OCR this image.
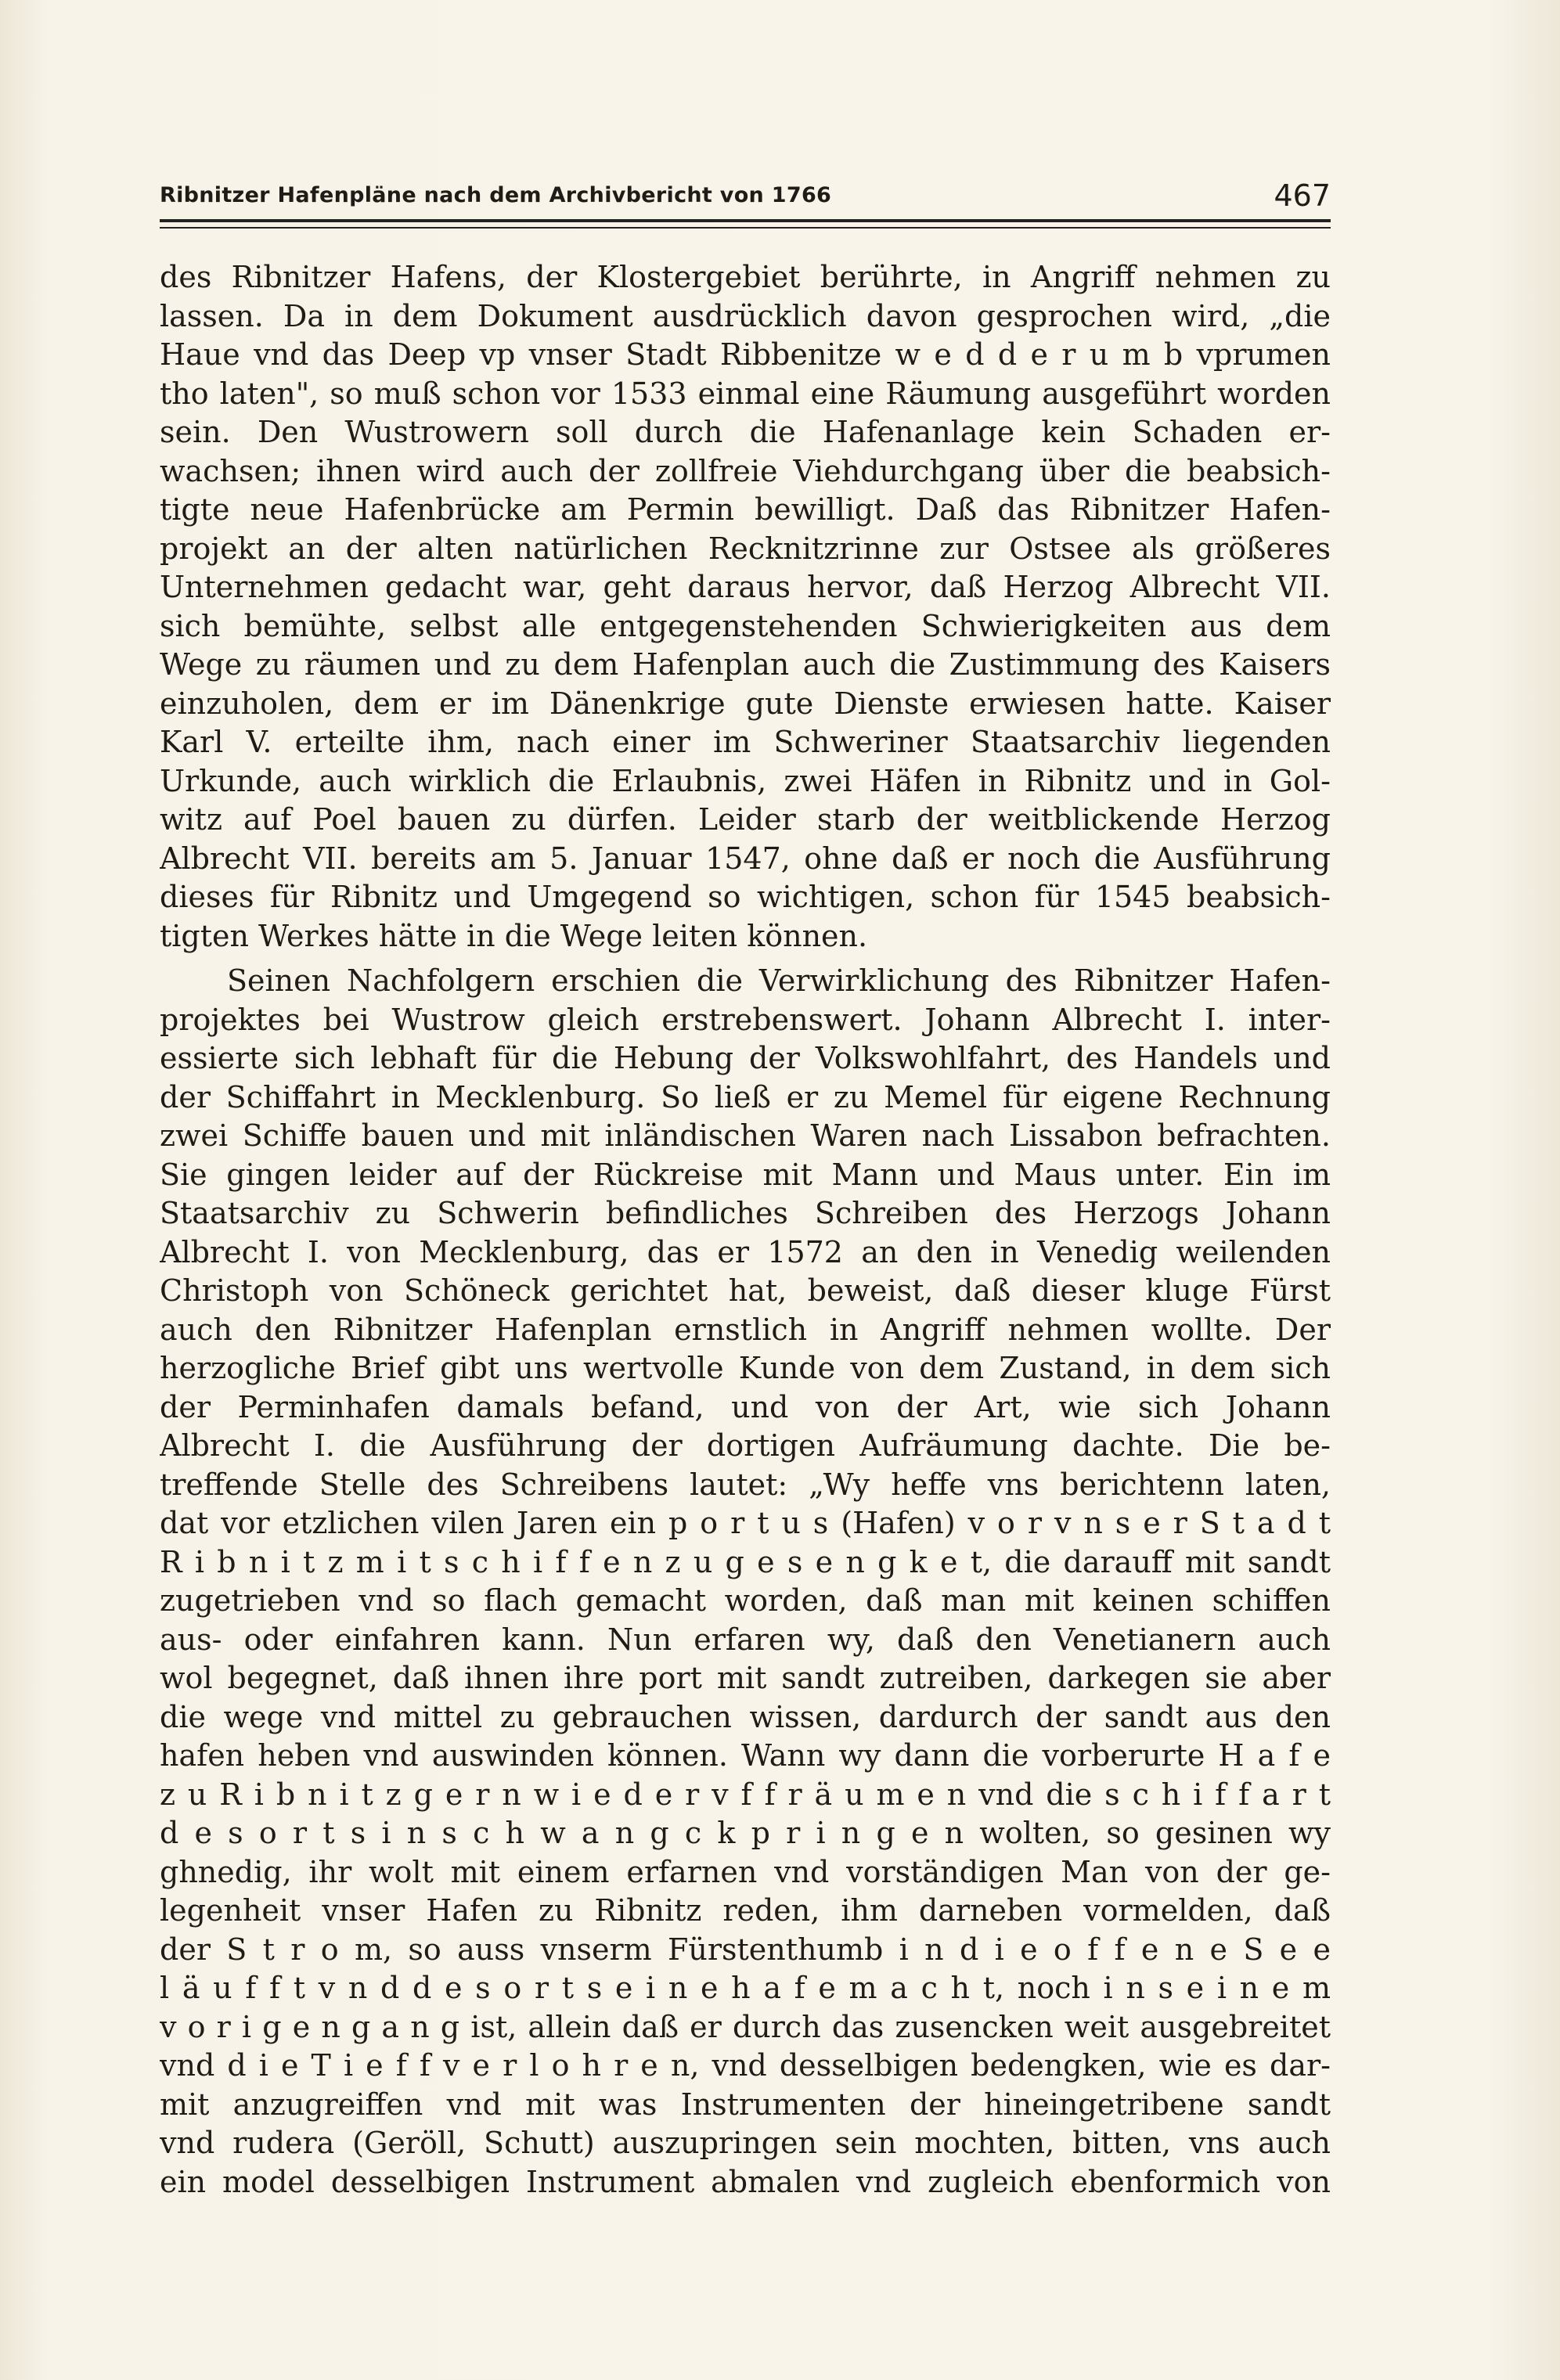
Ribnitzer Hafenpläne nach dem Archivbericht von 1766	467
des Ribnitzer Hafens, der Klostergebiet berührte, in Angriff nehmen zu
lassen. Da in dem Dokument ausdrücklich davon gesprochen wird, „die
Haue vnd das Deep vp vnser Stadt Ribbenitze w e d d e r u m b vprumen
tho laten", so muß schon vor 1533 einmal eine Räumung ausgeführt worden
sein. Den Wustrowern soll durch die Hafenanlage kein Schaden er-
wachsen; ihnen wird auch der zollfreie Viehdurchgang über die beabsich-
tigte neue Hafenbrücke am Permin bewilligt. Daß das Ribnitzer Hafen-
projekt an der alten natürlichen Recknitzrinne zur Ostsee als größeres
Unternehmen gedacht war, geht daraus hervor, daß Herzog Albrecht VII.
sich bemühte, selbst alle entgegenstehenden Schwierigkeiten aus dem
Wege zu räumen und zu dem Hafenplan auch die Zustimmung des Kaisers
einzuholen, dem er im Dänenkrige gute Dienste erwiesen hatte. Kaiser
Karl V. erteilte ihm, nach einer im Schweriner Staatsarchiv liegenden
Urkunde, auch wirklich die Erlaubnis, zwei Häfen in Ribnitz und in Gol-
witz auf Poel bauen zu dürfen. Leider starb der weitblickende Herzog
Albrecht VII. bereits am 5. Januar 1547, ohne daß er noch die Ausführung
dieses für Ribnitz und Umgegend so wichtigen, schon für 1545 beabsich-
tigten Werkes hätte in die Wege leiten können.
Seinen Nachfolgern erschien die Verwirklichung des Ribnitzer Hafen-
projektes bei Wustrow gleich erstrebenswert. Johann Albrecht I. inter-
essierte sich lebhaft für die Hebung der Volkswohlfahrt, des Handels und
der Schiffahrt in Mecklenburg. So ließ er zu Memel für eigene Rechnung
zwei Schiffe bauen und mit inländischen Waren nach Lissabon befrachten.
Sie gingen leider auf der Rückreise mit Mann und Maus unter. Ein im
Staatsarchiv zu Schwerin befindliches Schreiben des Herzogs Johann
Albrecht I. von Mecklenburg, das er 1572 an den in Venedig weilenden
Christoph von Schöneck gerichtet hat, beweist, daß dieser kluge Fürst
auch den Ribnitzer Hafenplan ernstlich in Angriff nehmen wollte. Der
herzogliche Brief gibt uns wertvolle Kunde von dem Zustand, in dem sich
der Perminhafen damals befand, und von der Art, wie sich Johann
Albrecht I. die Ausführung der dortigen Aufräumung dachte. Die be-
treffende Stelle des Schreibens lautet: „Wy heffe vns berichtenn laten,
dat vor etzlichen vilen Jaren ein p o r t u s (Hafen) v o r v n s e r S t a d t
R i b n i t z m i t s c h i f f e n z u g e s e n g k e t, die darauff mit sandt
zugetrieben vnd so flach gemacht worden, daß man mit keinen schiffen
aus- oder einfahren kann. Nun erfaren wy, daß den Venetianern auch
wol begegnet, daß ihnen ihre port mit sandt zutreiben, darkegen sie aber
die wege vnd mittel zu gebrauchen wissen, dardurch der sandt aus den
hafen heben vnd auswinden können. Wann wy dann die vorberurte H a f e
z u R i b n i t z g e r n w i e d e r v f f r ä u m e n vnd die s c h i f f a r t
d e s o r t s i n s c h w a n g c k p r i n g e n wolten, so gesinen wy
ghnedig, ihr wolt mit einem erfarnen vnd vorständigen Man von der ge-
legenheit vnser Hafen zu Ribnitz reden, ihm darneben vormelden, daß
der S t r o m, so auss vnserm Fürstenthumb i n d i e o f f e n e S e e
l ä u f f t v n d d e s o r t s e i n e h a f e m a c h t, noch i n s e i n e m
v o r i g e n g a n g ist, allein daß er durch das zusencken weit ausgebreitet
vnd d i e T i e f f v e r l o h r e n, vnd desselbigen bedengken, wie es dar-
mit anzugreiffen vnd mit was Instrumenten der hineingetribene sandt
vnd rudera (Geröll, Schutt) auszupringen sein mochten, bitten, vns auch
ein model desselbigen Instrument abmalen vnd zugleich ebenformich von
